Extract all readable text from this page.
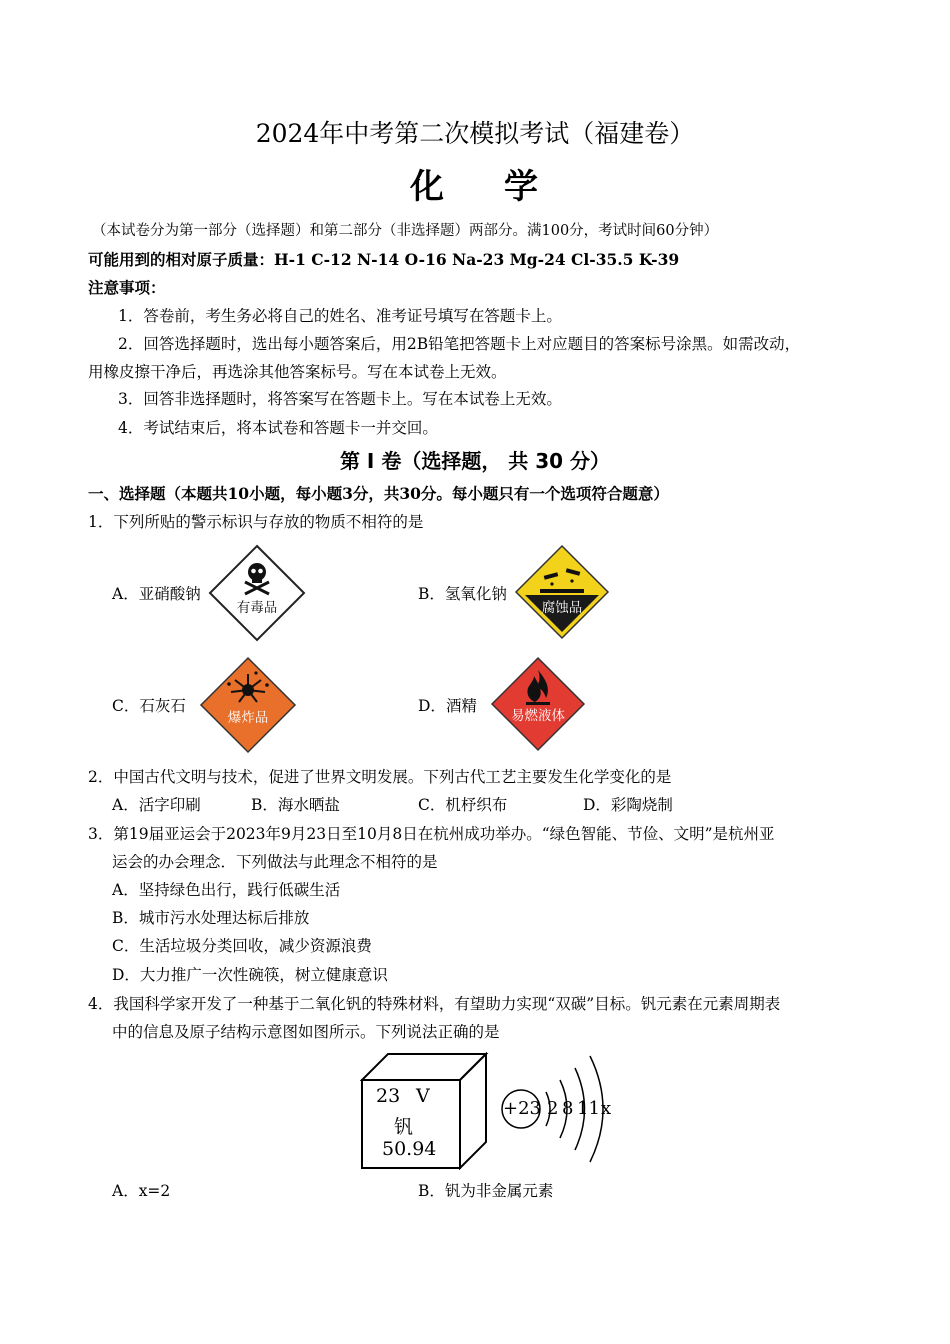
2024年中考第二次模拟考试（福建卷）
化 学
（本试卷分为第一部分（选择题）和第二部分（非选择题）两部分。满100分，考试时间60分钟）
可能用到的相对原子质量：H-1 C-12 N-14 O-16 Na-23 Mg-24 Cl-35.5 K-39
注意事项：
1．答卷前，考生务必将自己的姓名、准考证号填写在答题卡上。
2．回答选择题时，选出每小题答案后，用2B铅笔把答题卡上对应题目的答案标号涂黑。如需改动，
用橡皮擦干净后，再选涂其他答案标号。写在本试卷上无效。
3．回答非选择题时，将答案写在答题卡上。写在本试卷上无效。
4．考试结束后，将本试卷和答题卡一并交回。
第 I 卷（选择题， 共 30 分）
一、选择题（本题共10小题，每小题3分，共30分。每小题只有一个选项符合题意）
1．下列所贴的警示标识与存放的物质不相符的是
A．亚硝酸钠
有毒品
B．氢氧化钠
腐蚀品
C．石灰石
爆炸品
D．酒精
易燃液体
2．中国古代文明与技术，促进了世界文明发展。下列古代工艺主要发生化学变化的是
A．活字印刷	B．海水晒盐	C．机杼织布	D．彩陶烧制
3．第19届亚运会于2023年9月23日至10月8日在杭州成功举办。“绿色智能、节俭、文明”是杭州亚
运会的办会理念．下列做法与此理念不相符的是
A．坚持绿色出行，践行低碳生活
B．城市污水处理达标后排放
C．生活垃圾分类回收，减少资源浪费
D．大力推广一次性碗筷，树立健康意识
4．我国科学家开发了一种基于二氧化钒的特殊材料，有望助力实现“双碳”目标。钒元素在元素周期表
中的信息及原子结构示意图如图所示。下列说法正确的是
23 V
钒
50.94
+23 2 8 11 x
A．x=2	B．钒为非金属元素
